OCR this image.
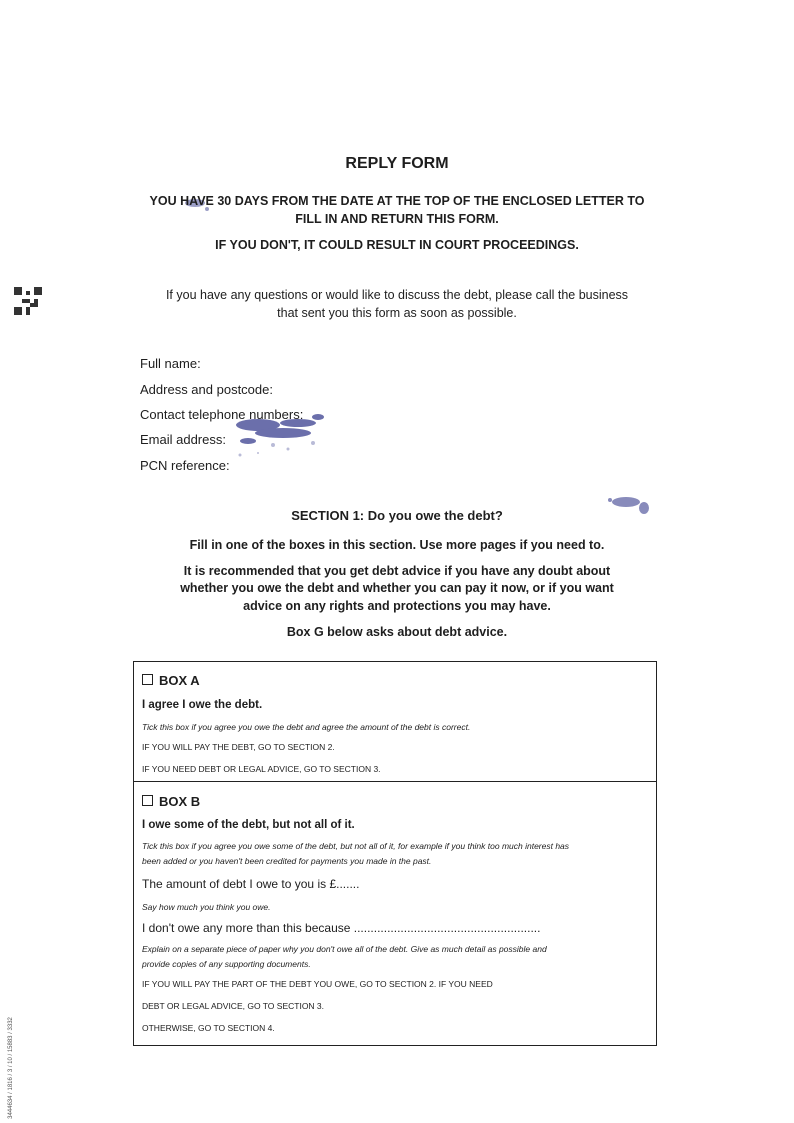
3444634 / 1816 / 3 / 10 / 15883 / 3332
REPLY FORM
YOU HAVE 30 DAYS FROM THE DATE AT THE TOP OF THE ENCLOSED LETTER TO
FILL IN AND RETURN THIS FORM.
IF YOU DON'T, IT COULD RESULT IN COURT PROCEEDINGS.
If you have any questions or would like to discuss the debt, please call the business
that sent you this form as soon as possible.
Full name:
Address and postcode:
Contact telephone numbers:
Email address:
PCN reference:
SECTION 1: Do you owe the debt?
Fill in one of the boxes in this section. Use more pages if you need to.
It is recommended that you get debt advice if you have any doubt about
whether you owe the debt and whether you can pay it now, or if you want
advice on any rights and protections you may have.
Box G below asks about debt advice.
BOX A
I agree I owe the debt.
Tick this box if you agree you owe the debt and agree the amount of the debt is correct.
IF YOU WILL PAY THE DEBT, GO TO SECTION 2.
IF YOU NEED DEBT OR LEGAL ADVICE, GO TO SECTION 3.
BOX B
I owe some of the debt, but not all of it.
Tick this box if you agree you owe some of the debt, but not all of it, for example if you think too much interest has
been added or you haven't been credited for payments you made in the past.
The amount of debt I owe to you is £.......
Say how much you think you owe.
I don't owe any more than this because ........................................................
Explain on a separate piece of paper why you don't owe all of the debt. Give as much detail as possible and
provide copies of any supporting documents.
IF YOU WILL PAY THE PART OF THE DEBT YOU OWE, GO TO SECTION 2. IF YOU NEED
DEBT OR LEGAL ADVICE, GO TO SECTION 3.
OTHERWISE, GO TO SECTION 4.
